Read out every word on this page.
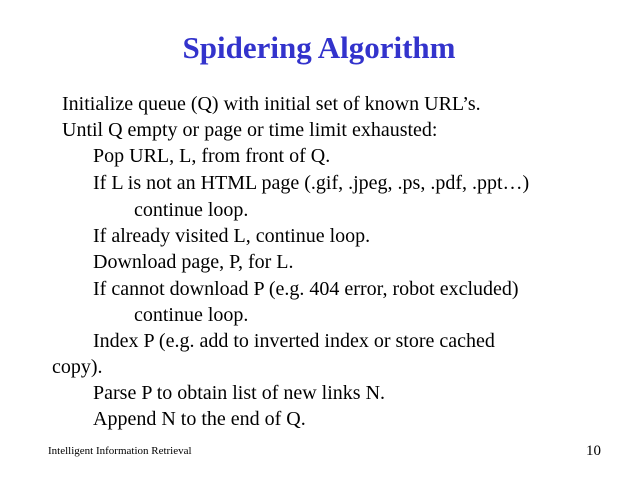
Spidering Algorithm
Initialize queue (Q) with initial set of known URL’s.
Until Q empty or page or time limit exhausted:
Pop URL, L, from front of Q.
If L is not an HTML page (.gif, .jpeg, .ps, .pdf, .ppt…)
continue loop.
If already visited L, continue loop.
Download page, P, for L.
If cannot download P (e.g. 404 error, robot excluded)
continue loop.
Index P (e.g. add to inverted index or store cached
copy).
Parse P to obtain list of new links N.
Append N to the end of Q.
Intelligent Information Retrieval	10
